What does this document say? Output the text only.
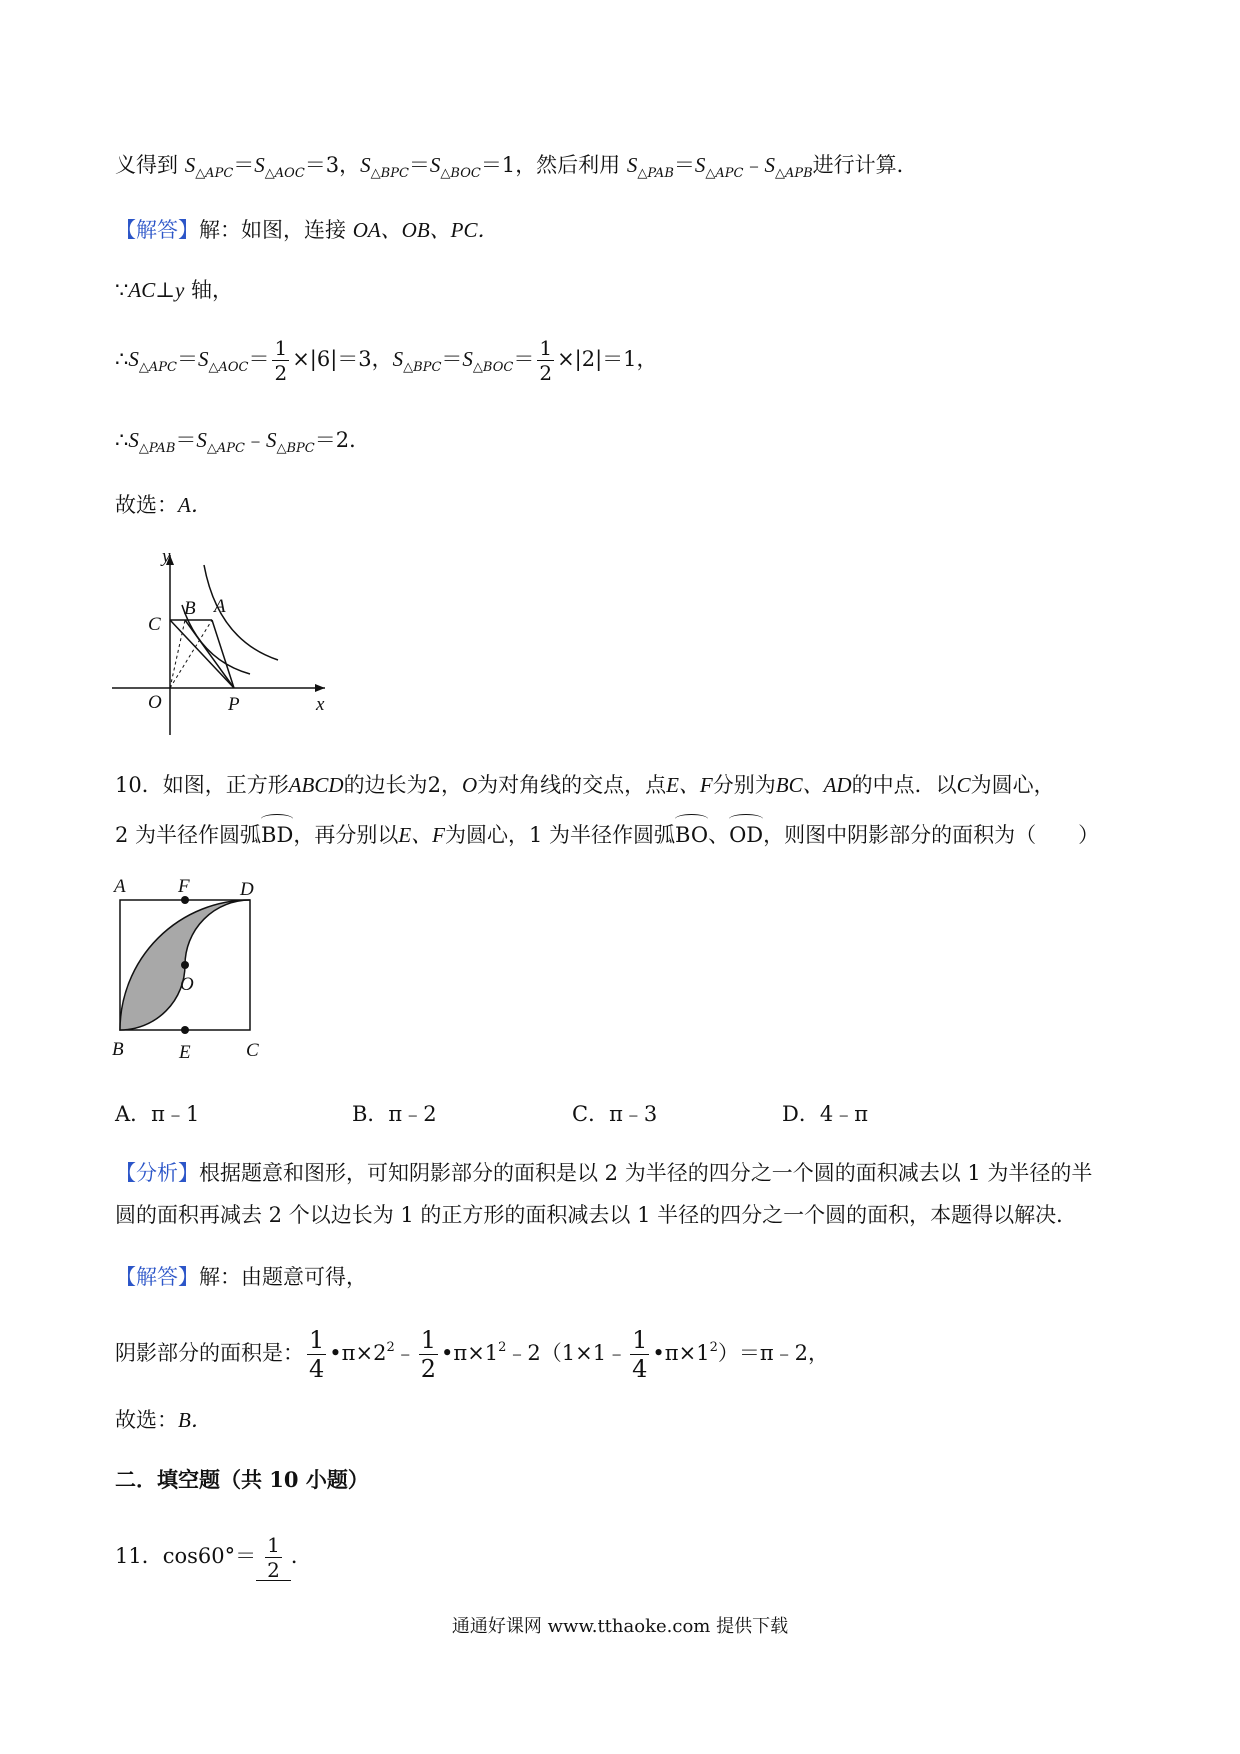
义得到 $S_{\triangle APC}=S_{\triangle AOC}=3$，$S_{\triangle BPC}=S_{\triangle BOC}=1$，然后利用 $S_{\triangle PAB}=S_{\triangle APC}﹣S_{\triangle APB}$进行计算．
【解答】解：如图，连接 OA、OB、PC．
∵AC⊥y 轴，
$\therefore S_{\triangle APC}=S_{\triangle AOC}= \frac{1}{2} \times|6|=3$，$S_{\triangle BPC}=S_{\triangle BOC}= \frac{1}{2} \times|2|=1$，
$\therefore S_{\triangle PAB}=S_{\triangle APC}﹣S_{\triangle BPC}=2$．
故选：A．
C
y
B A
O	P	x
10．如图，正方形ABCD的边长为2，O为对角线的交点，点E、F分别为BC、AD的中点．以C为圆心，
2 为半径作圆弧BD，再分别以E、F为圆心，1 为半径作圆弧BO、OD，则图中阴影部分的面积为（　　）
A	F	D
O
B	E	C
A．π﹣1	B．π﹣2	C．π﹣3	D．4﹣π
【分析】根据题意和图形，可知阴影部分的面积是以 2 为半径的四分之一个圆的面积减去以 1 为半径的半
圆的面积再减去 2 个以边长为 1 的正方形的面积减去以 1 半径的四分之一个圆的面积，本题得以解决．
【解答】解：由题意可得，
阴影部分的面积是： $\frac{1}{4}$ $•\pi\times 2^2﹣ \frac{1}{2}$ $•\pi\times 1^2﹣2(1\times 1﹣ \frac{1}{4}$ $•\pi\times 1^2)=\pi﹣2$，
故选：B．
二．填空题（共 10 小题）
11．$\cos 60^\circ= \frac{1}{2}$ ．
通通好课网 www.tthaoke.com 提供下载
